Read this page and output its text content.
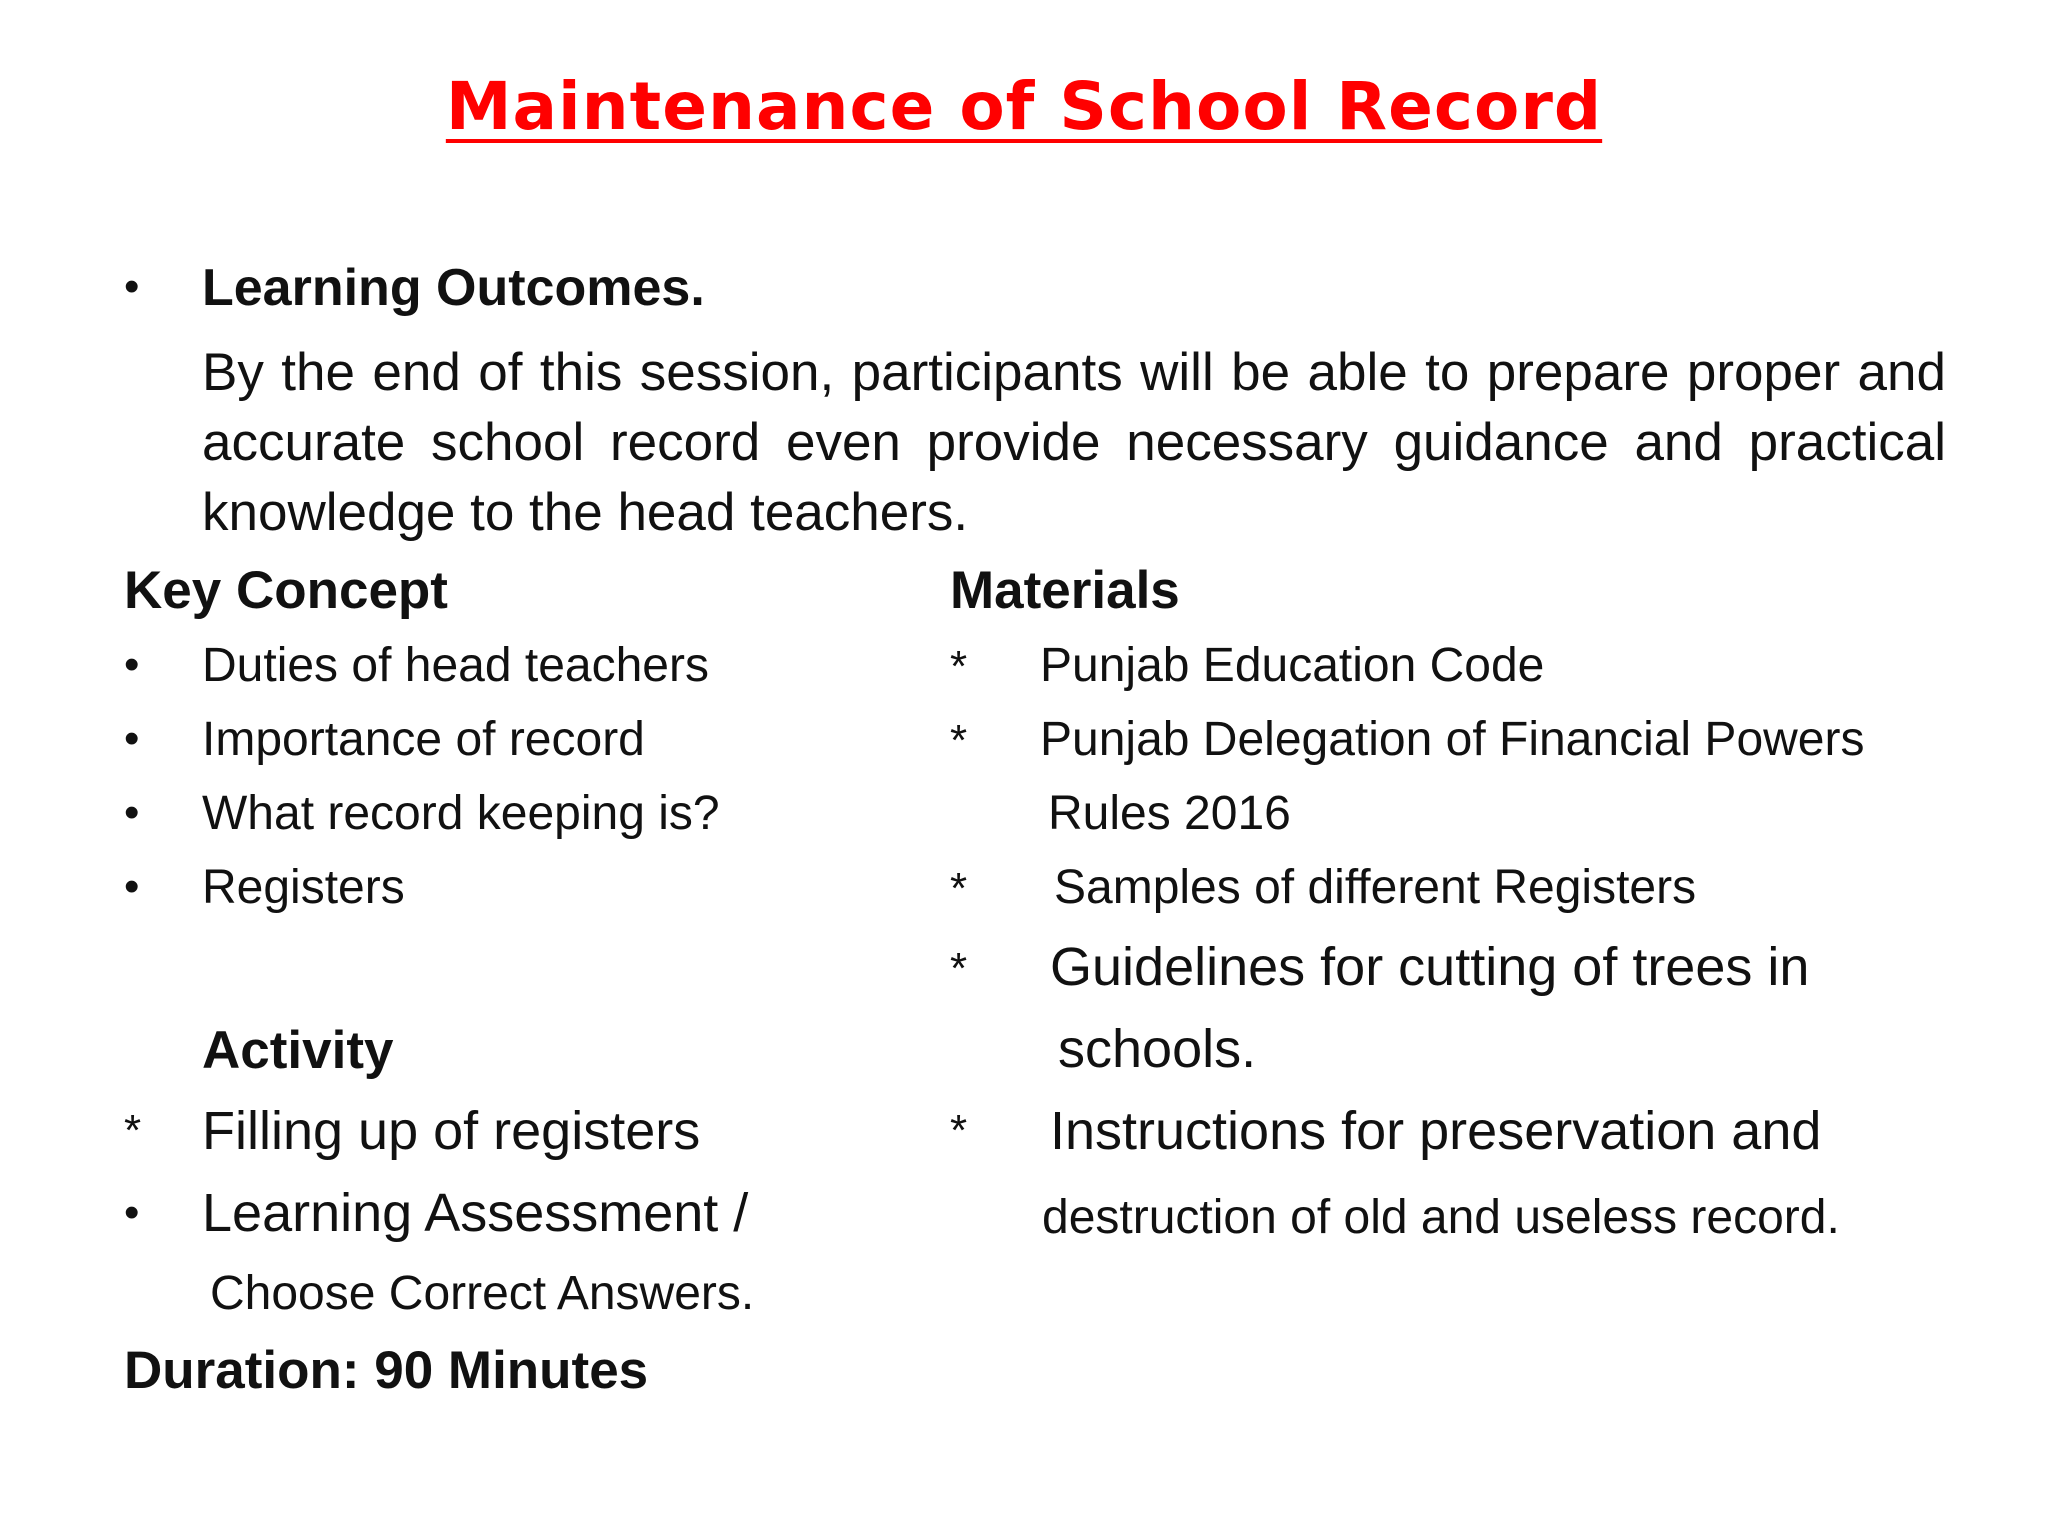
Maintenance of School Record
• Learning Outcomes.

By the end of this session, participants will be able to prepare proper and accurate school record even provide necessary guidance and practical knowledge to the head teachers.

Key Concept
• Duties of head teachers
• Importance of record
• What record keeping is?
• Registers
Activity
* Filling up of registers
• Learning Assessment /
Choose Correct Answers.
Duration: 90 Minutes
Materials
* Punjab Education Code
* Punjab Delegation of Financial Powers
Rules 2016
* Samples of different Registers
* Guidelines for cutting of trees in
schools.
* Instructions for preservation and
destruction of old and useless record.
